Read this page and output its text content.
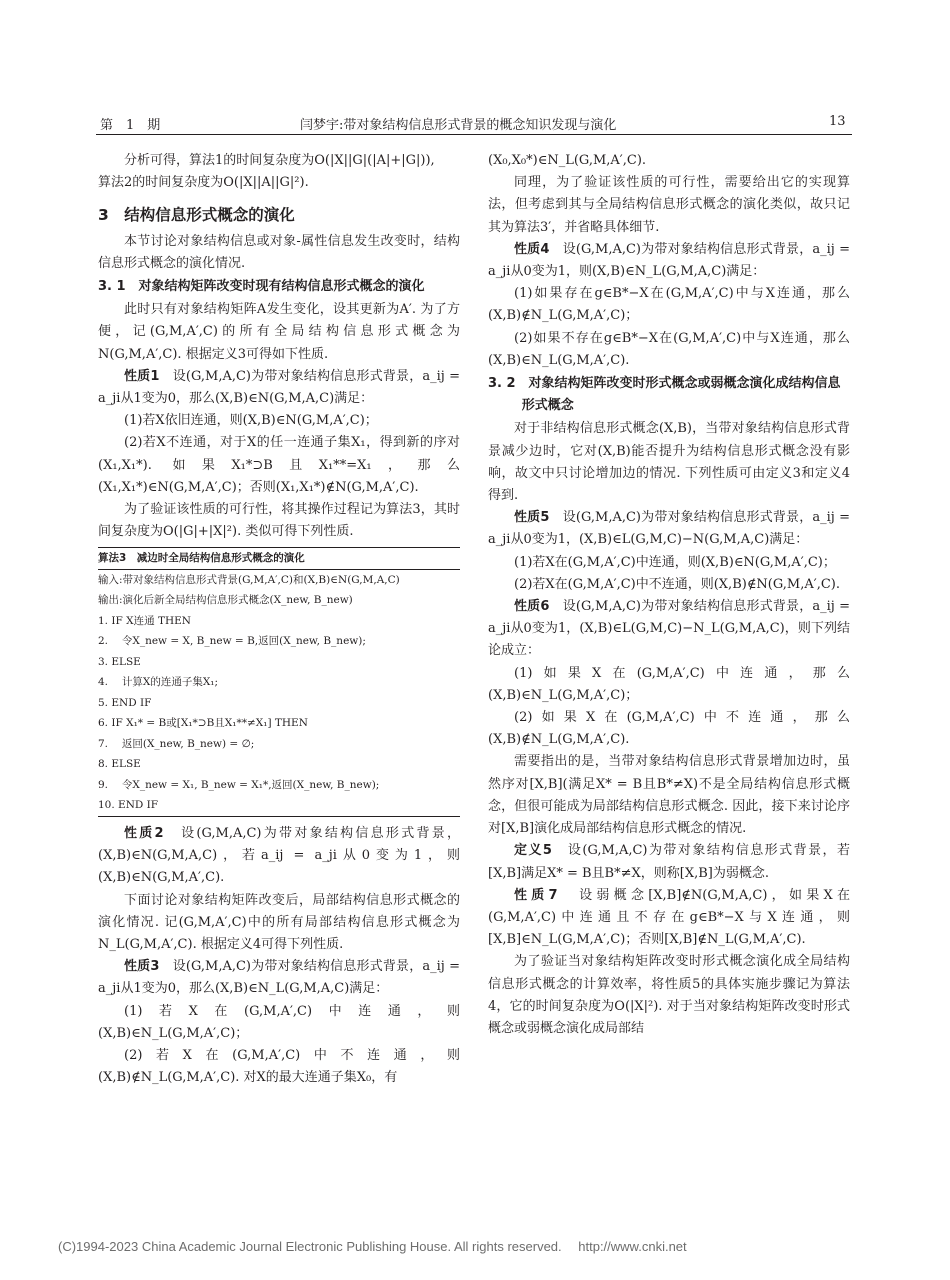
第　1　期	闫梦宇:带对象结构信息形式背景的概念知识发现与演化	13

分析可得，算法1的时间复杂度为O(|X||G|(|A|+|G|)),

算法2的时间复杂度为O(|X||A||G|²).

3　结构信息形式概念的演化

本节讨论对象结构信息或对象-属性信息发生改变时，结构信息形式概念的演化情况.

3. 1　对象结构矩阵改变时现有结构信息形式概念的演化

此时只有对象结构矩阵A发生变化，设其更新为A′. 为了方便，记(G,M,A′,C)的所有全局结构信息形式概念为N(G,M,A′,C). 根据定义3可得如下性质.

性质1　设(G,M,A,C)为带对象结构信息形式背景，a_ij = a_ji从1变为0，那么(X,B)∈N(G,M,A,C)满足：

(1)若X依旧连通，则(X,B)∈N(G,M,A′,C)；

(2)若X不连通，对于X的任一连通子集X₁，得到新的序对(X₁,X₁*). 如果X₁*⊃B且X₁**=X₁，那么(X₁,X₁*)∈N(G,M,A′,C)；否则(X₁,X₁*)∉N(G,M,A′,C).

为了验证该性质的可行性，将其操作过程记为算法3，其时间复杂度为O(|G|+|X|²). 类似可得下列性质.

算法3　减边时全局结构信息形式概念的演化
输入:带对象结构信息形式背景(G,M,A′,C)和(X,B)∈N(G,M,A,C)
输出:演化后新全局结构信息形式概念(X_new, B_new)
1. IF X连通 THEN
2.　 令X_new = X, B_new = B,返回(X_new, B_new);
3. ELSE
4.　 计算X的连通子集X₁;
5. END IF
6. IF X₁* = B或[X₁*⊃B且X₁**≠X₁] THEN
7.　 返回(X_new, B_new) = ∅;
8. ELSE
9.　 令X_new = X₁, B_new = X₁*,返回(X_new, B_new);
10. END IF

性质2　设(G,M,A,C)为带对象结构信息形式背景，(X,B)∈N(G,M,A,C)，若a_ij = a_ji从0变为1，则(X,B)∈N(G,M,A′,C).

下面讨论对象结构矩阵改变后，局部结构信息形式概念的演化情况. 记(G,M,A′,C)中的所有局部结构信息形式概念为N_L(G,M,A′,C). 根据定义4可得下列性质.

性质3　设(G,M,A,C)为带对象结构信息形式背景，a_ij = a_ji从1变为0，那么(X,B)∈N_L(G,M,A,C)满足：

(1)若X在(G,M,A′,C)中连通，则(X,B)∈N_L(G,M,A′,C)；

(2)若X在(G,M,A′,C)中不连通，则(X,B)∉N_L(G,M,A′,C). 对X的最大连通子集X₀，有

(X₀,X₀*)∈N_L(G,M,A′,C).

同理，为了验证该性质的可行性，需要给出它的实现算法，但考虑到其与全局结构信息形式概念的演化类似，故只记其为算法3′，并省略具体细节.

性质4　设(G,M,A,C)为带对象结构信息形式背景，a_ij = a_ji从0变为1，则(X,B)∈N_L(G,M,A,C)满足：

(1)如果存在g∈B*−X在(G,M,A′,C)中与X连通，那么(X,B)∉N_L(G,M,A′,C)；

(2)如果不存在g∈B*−X在(G,M,A′,C)中与X连通，那么(X,B)∈N_L(G,M,A′,C).

3. 2　对象结构矩阵改变时形式概念或弱概念演化成结构信息形式概念

对于非结构信息形式概念(X,B)，当带对象结构信息形式背景减少边时，它对(X,B)能否提升为结构信息形式概念没有影响，故文中只讨论增加边的情况. 下列性质可由定义3和定义4得到.

性质5　设(G,M,A,C)为带对象结构信息形式背景，a_ij = a_ji从0变为1，(X,B)∈L(G,M,C)−N(G,M,A,C)满足：

(1)若X在(G,M,A′,C)中连通，则(X,B)∈N(G,M,A′,C)；

(2)若X在(G,M,A′,C)中不连通，则(X,B)∉N(G,M,A′,C).

性质6　设(G,M,A,C)为带对象结构信息形式背景，a_ij = a_ji从0变为1，(X,B)∈L(G,M,C)−N_L(G,M,A,C)，则下列结论成立：

(1)如果X在(G,M,A′,C)中连通，那么(X,B)∈N_L(G,M,A′,C)；

(2)如果X在(G,M,A′,C)中不连通，那么(X,B)∉N_L(G,M,A′,C).

需要指出的是，当带对象结构信息形式背景增加边时，虽然序对[X,B](满足X* = B且B*≠X)不是全局结构信息形式概念，但很可能成为局部结构信息形式概念. 因此，接下来讨论序对[X,B]演化成局部结构信息形式概念的情况.

定义5　设(G,M,A,C)为带对象结构信息形式背景，若[X,B]满足X* = B且B*≠X，则称[X,B]为弱概念.

性质7　设弱概念[X,B]∉N(G,M,A,C)，如果X在(G,M,A′,C)中连通且不存在g∈B*−X与X连通，则[X,B]∈N_L(G,M,A′,C)；否则[X,B]∉N_L(G,M,A′,C).

为了验证当对象结构矩阵改变时形式概念演化成全局结构信息形式概念的计算效率，将性质5的具体实施步骤记为算法4，它的时间复杂度为O(|X|²). 对于当对象结构矩阵改变时形式概念或弱概念演化成局部结

(C)1994-2023 China Academic Journal Electronic Publishing House. All rights reserved.　 http://www.cnki.net
